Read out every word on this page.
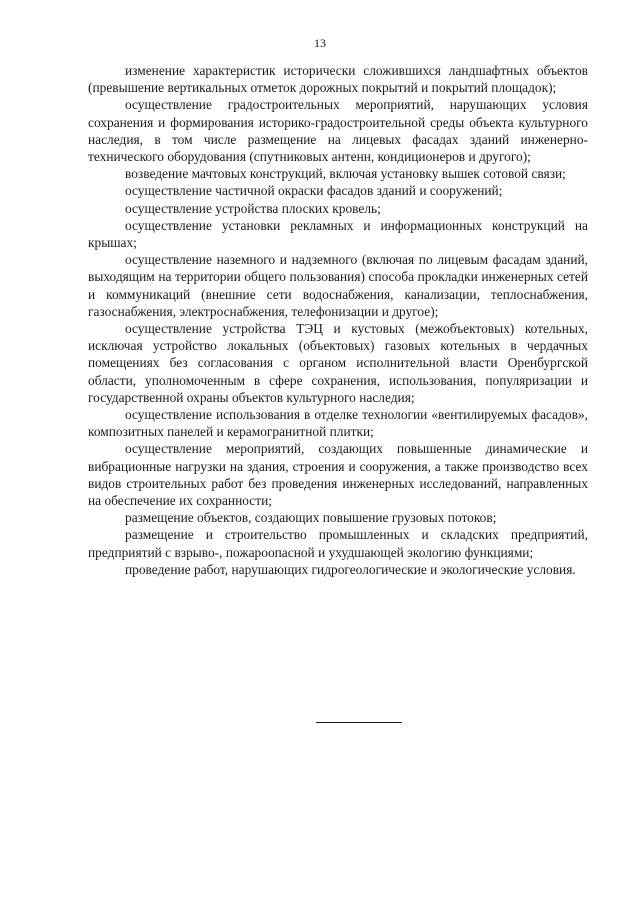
13

изменение характеристик исторически сложившихся ландшафтных объектов (превышение вертикальных отметок дорожных покрытий и покрытий площадок);

осуществление градостроительных мероприятий, нарушающих условия сохранения и формирования историко-градостроительной среды объекта культурного наследия, в том числе размещение на лицевых фасадах зданий инженерно-технического оборудования (спутниковых антенн, кондиционеров и другого);

возведение мачтовых конструкций, включая установку вышек сотовой связи;

осуществление частичной окраски фасадов зданий и сооружений;

осуществление устройства плоских кровель;

осуществление установки рекламных и информационных конструкций на крышах;

осуществление наземного и надземного (включая по лицевым фасадам зданий, выходящим на территории общего пользования) способа прокладки инженерных сетей и коммуникаций (внешние сети водоснабжения, канализации, теплоснабжения, газоснабжения, электроснабжения, телефонизации и другое);

осуществление устройства ТЭЦ и кустовых (межобъектовых) котельных, исключая устройство локальных (объектовых) газовых котельных в чердачных помещениях без согласования с органом исполнительной власти Оренбургской области, уполномоченным в сфере сохранения, использования, популяризации и государственной охраны объектов культурного наследия;

осуществление использования в отделке технологии «вентилируемых фасадов», композитных панелей и керамогранитной плитки;

осуществление мероприятий, создающих повышенные динамические и вибрационные нагрузки на здания, строения и сооружения, а также производство всех видов строительных работ без проведения инженерных исследований, направленных на обеспечение их сохранности;

размещение объектов, создающих повышение грузовых потоков;

размещение и строительство промышленных и складских предприятий, предприятий с взрыво-, пожароопасной и ухудшающей экологию функциями;

проведение работ, нарушающих гидрогеологические и экологические условия.
